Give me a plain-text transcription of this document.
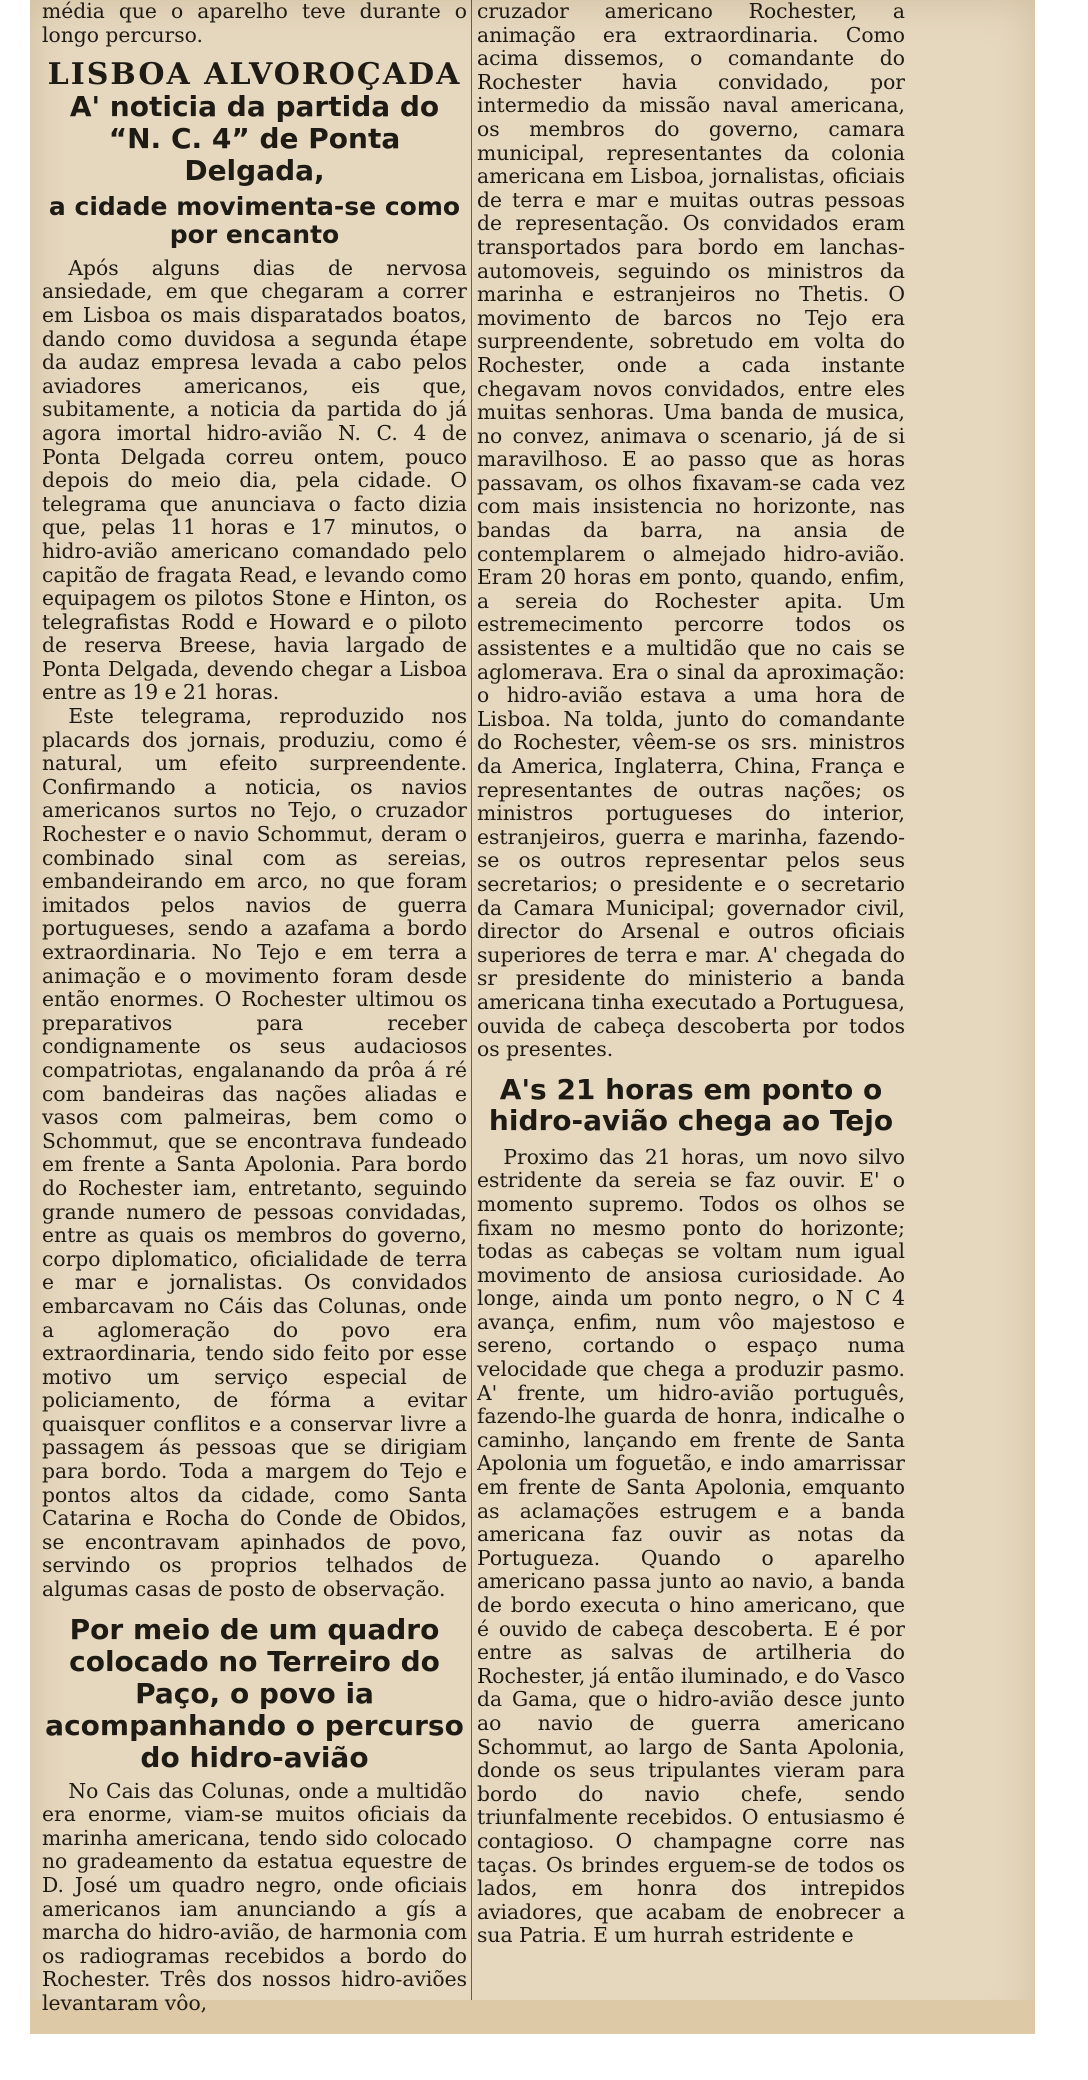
média que o aparelho teve durante o longo percurso.

LISBOA ALVOROÇADA
A' noticia da partida do “N. C. 4” de Ponta Delgada,
a cidade movimenta-se como por encanto

Após alguns dias de nervosa ansiedade, em que chegaram a correr em Lisboa os mais disparatados boatos, dando como duvidosa a segunda étape da audaz empresa levada a cabo pelos aviadores americanos, eis que, subitamente, a noticia da partida do já agora imortal hidro-avião N. C. 4 de Ponta Delgada correu ontem, pouco depois do meio dia, pela cidade. O telegrama que anunciava o facto dizia que, pelas 11 horas e 17 minutos, o hidro-avião americano comandado pelo capitão de fragata Read, e levando como equipagem os pilotos Stone e Hinton, os telegrafistas Rodd e Howard e o piloto de reserva Breese, havia largado de Ponta Delgada, devendo chegar a Lisboa entre as 19 e 21 horas.

Este telegrama, reproduzido nos placards dos jornais, produziu, como é natural, um efeito surpreendente. Confirmando a noticia, os navios americanos surtos no Tejo, o cruzador Rochester e o navio Schommut, deram o combinado sinal com as sereias, embandeirando em arco, no que foram imitados pelos navios de guerra portugueses, sendo a azafama a bordo extraordinaria. No Tejo e em terra a animação e o movimento foram desde então enormes. O Rochester ultimou os preparativos para receber condignamente os seus audaciosos compatriotas, engalanando da prôa á ré com bandeiras das nações aliadas e vasos com palmeiras, bem como o Schommut, que se encontrava fundeado em frente a Santa Apolonia. Para bordo do Rochester iam, entretanto, seguindo grande numero de pessoas convidadas, entre as quais os membros do governo, corpo diplomatico, oficialidade de terra e mar e jornalistas. Os convidados embarcavam no Cáis das Colunas, onde a aglomeração do povo era extraordinaria, tendo sido feito por esse motivo um serviço especial de policiamento, de fórma a evitar quaisquer conflitos e a conservar livre a passagem ás pessoas que se dirigiam para bordo. Toda a margem do Tejo e pontos altos da cidade, como Santa Catarina e Rocha do Conde de Obidos, se encontravam apinhados de povo, servindo os proprios telhados de algumas casas de posto de observação.

Por meio de um quadro colocado no Terreiro do Paço, o povo ia acompanhando o percurso do hidro-avião

No Cais das Colunas, onde a multidão era enorme, viam-se muitos oficiais da marinha americana, tendo sido colocado no gradeamento da estatua equestre de D. José um quadro negro, onde oficiais americanos iam anunciando a gís a marcha do hidro-avião, de harmonia com os radiogramas recebidos a bordo do Rochester. Três dos nossos hidro-aviões levantaram vôo,

cruzador americano Rochester, a animação era extraordinaria. Como acima dissemos, o comandante do Rochester havia convidado, por intermedio da missão naval americana, os membros do governo, camara municipal, representantes da colonia americana em Lisboa, jornalistas, oficiais de terra e mar e muitas outras pessoas de representação. Os convidados eram transportados para bordo em lanchas-automoveis, seguindo os ministros da marinha e estranjeiros no Thetis. O movimento de barcos no Tejo era surpreendente, sobretudo em volta do Rochester, onde a cada instante chegavam novos convidados, entre eles muitas senhoras. Uma banda de musica, no convez, animava o scenario, já de si maravilhoso. E ao passo que as horas passavam, os olhos fixavam-se cada vez com mais insistencia no horizonte, nas bandas da barra, na ansia de contemplarem o almejado hidro-avião. Eram 20 horas em ponto, quando, enfim, a sereia do Rochester apita. Um estremecimento percorre todos os assistentes e a multidão que no cais se aglomerava. Era o sinal da aproximação: o hidro-avião estava a uma hora de Lisboa. Na tolda, junto do comandante do Rochester, vêem-se os srs. ministros da America, Inglaterra, China, França e representantes de outras nações; os ministros portugueses do interior, estranjeiros, guerra e marinha, fazendo-se os outros representar pelos seus secretarios; o presidente e o secretario da Camara Municipal; governador civil, director do Arsenal e outros oficiais superiores de terra e mar. A' chegada do sr presidente do ministerio a banda americana tinha executado a Portuguesa, ouvida de cabeça descoberta por todos os presentes.

A's 21 horas em ponto o hidro-avião chega ao Tejo

Proximo das 21 horas, um novo silvo estridente da sereia se faz ouvir. E' o momento supremo. Todos os olhos se fixam no mesmo ponto do horizonte; todas as cabeças se voltam num igual movimento de ansiosa curiosidade. Ao longe, ainda um ponto negro, o N C 4 avança, enfim, num vôo majestoso e sereno, cortando o espaço numa velocidade que chega a produzir pasmo. A' frente, um hidro-avião português, fazendo-lhe guarda de honra, indicalhe o caminho, lançando em frente de Santa Apolonia um foguetão, e indo amarrissar em frente de Santa Apolonia, emquanto as aclamações estrugem e a banda americana faz ouvir as notas da Portugueza. Quando o aparelho americano passa junto ao navio, a banda de bordo executa o hino americano, que é ouvido de cabeça descoberta. E é por entre as salvas de artilheria do Rochester, já então iluminado, e do Vasco da Gama, que o hidro-avião desce junto ao navio de guerra americano Schommut, ao largo de Santa Apolonia, donde os seus tripulantes vieram para bordo do navio chefe, sendo triunfalmente recebidos. O entusiasmo é contagioso. O champagne corre nas taças. Os brindes erguem-se de todos os lados, em honra dos intrepidos aviadores, que acabam de enobrecer a sua Patria. E um hurrah estridente e
